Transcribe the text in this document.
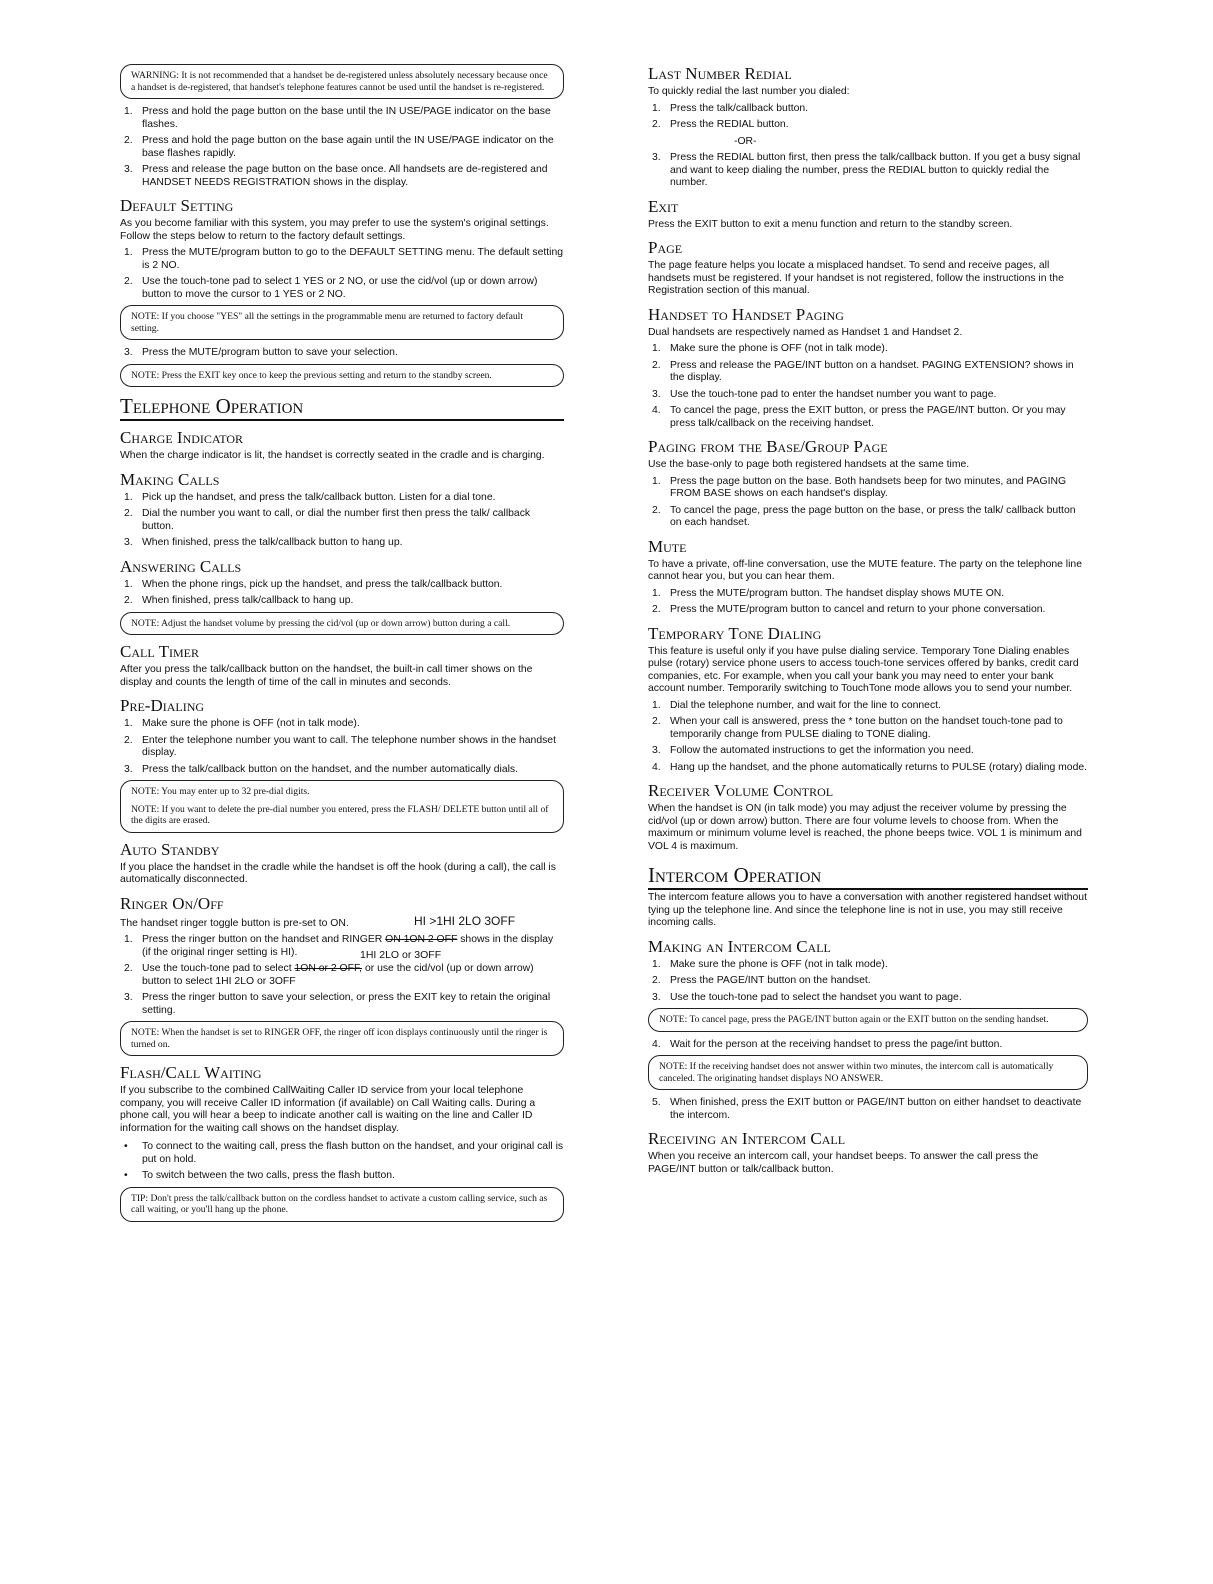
WARNING: It is not recommended that a handset be de-registered unless absolutely necessary because once a handset is de-registered, that handset's telephone features cannot be used until the handset is re-registered.

1. Press and hold the page button on the base until the IN USE/PAGE indicator on the base flashes.
2. Press and hold the page button on the base again until the IN USE/PAGE indicator on the base flashes rapidly.
3. Press and release the page button on the base once. All handsets are de-registered and HANDSET NEEDS REGISTRATION shows in the display.
Default Setting

As you become familiar with this system, you may prefer to use the system's original settings. Follow the steps below to return to the factory default settings.

1. Press the MUTE/program button to go to the DEFAULT SETTING menu. The default setting is 2 NO.
2. Use the touch-tone pad to select 1 YES or 2 NO, or use the cid/vol (up or down arrow) button to move the cursor to 1 YES or 2 NO.

NOTE: If you choose "YES" all the settings in the programmable menu are returned to factory default setting.

3. Press the MUTE/program button to save your selection.

NOTE: Press the EXIT key once to keep the previous setting and return to the standby screen.

Telephone Operation
Charge Indicator

When the charge indicator is lit, the handset is correctly seated in the cradle and is charging.

Making Calls
1. Pick up the handset, and press the talk/callback button. Listen for a dial tone.
2. Dial the number you want to call, or dial the number first then press the talk/ callback button.
3. When finished, press the talk/callback button to hang up.
Answering Calls
1. When the phone rings, pick up the handset, and press the talk/callback button.
2. When finished, press talk/callback to hang up.

NOTE: Adjust the handset volume by pressing the cid/vol (up or down arrow) button during a call.

Call Timer

After you press the talk/callback button on the handset, the built-in call timer shows on the display and counts the length of time of the call in minutes and seconds.

Pre-Dialing
1. Make sure the phone is OFF (not in talk mode).
2. Enter the telephone number you want to call. The telephone number shows in the handset display.
3. Press the talk/callback button on the handset, and the number automatically dials.

NOTE: You may enter up to 32 pre-dial digits.

NOTE: If you want to delete the pre-dial number you entered, press the FLASH/ DELETE button until all of the digits are erased.

Auto Standby

If you place the handset in the cradle while the handset is off the hook (during a call), the call is automatically disconnected.

Ringer On/Off

The handset ringer toggle button is pre-set to ON.	HI >1HI 2LO 3OFF
1. Press the ringer button on the handset and RINGER ON 1ON 2 OFF shows in the display (if the original ringer setting is HI).
2. Use the touch-tone pad to select 1ON or 2 OFF, or use the cid/vol (up or down arrow) button to select 1HI 2LO or 3OFF
1HI 2LO or 3OFF
3. Press the ringer button to save your selection, or press the EXIT key to retain the original setting.

NOTE: When the handset is set to RINGER OFF, the ringer off icon displays continuously until the ringer is turned on.

Flash/Call Waiting

If you subscribe to the combined CallWaiting Caller ID service from your local telephone company, you will receive Caller ID information (if available) on Call Waiting calls. During a phone call, you will hear a beep to indicate another call is waiting on the line and Caller ID information for the waiting call shows on the handset display.

• To connect to the waiting call, press the flash button on the handset, and your original call is put on hold.
• To switch between the two calls, press the flash button.

TIP: Don't press the talk/callback button on the cordless handset to activate a custom calling service, such as call waiting, or you'll hang up the phone.

Last Number Redial

To quickly redial the last number you dialed:

1. Press the talk/callback button.
2. Press the REDIAL button.

-OR-

3. Press the REDIAL button first, then press the talk/callback button. If you get a busy signal and want to keep dialing the number, press the REDIAL button to quickly redial the number.
Exit

Press the EXIT button to exit a menu function and return to the standby screen.

Page

The page feature helps you locate a misplaced handset. To send and receive pages, all handsets must be registered. If your handset is not registered, follow the instructions in the Registration section of this manual.

Handset to Handset Paging

Dual handsets are respectively named as Handset 1 and Handset 2.

1. Make sure the phone is OFF (not in talk mode).
2. Press and release the PAGE/INT button on a handset. PAGING EXTENSION? shows in the display.
3. Use the touch-tone pad to enter the handset number you want to page.
4. To cancel the page, press the EXIT button, or press the PAGE/INT button. Or you may press talk/callback on the receiving handset.
Paging from the Base/Group Page

Use the base-only to page both registered handsets at the same time.

1. Press the page button on the base. Both handsets beep for two minutes, and PAGING FROM BASE shows on each handset's display.
2. To cancel the page, press the page button on the base, or press the talk/ callback button on each handset.
Mute

To have a private, off-line conversation, use the MUTE feature. The party on the telephone line cannot hear you, but you can hear them.

1. Press the MUTE/program button. The handset display shows MUTE ON.
2. Press the MUTE/program button to cancel and return to your phone conversation.
Temporary Tone Dialing

This feature is useful only if you have pulse dialing service. Temporary Tone Dialing enables pulse (rotary) service phone users to access touch-tone services offered by banks, credit card companies, etc. For example, when you call your bank you may need to enter your bank account number. Temporarily switching to TouchTone mode allows you to send your number.

1. Dial the telephone number, and wait for the line to connect.
2. When your call is answered, press the * tone button on the handset touch-tone pad to temporarily change from PULSE dialing to TONE dialing.
3. Follow the automated instructions to get the information you need.
4. Hang up the handset, and the phone automatically returns to PULSE (rotary) dialing mode.
Receiver Volume Control

When the handset is ON (in talk mode) you may adjust the receiver volume by pressing the cid/vol (up or down arrow) button. There are four volume levels to choose from. When the maximum or minimum volume level is reached, the phone beeps twice. VOL 1 is minimum and VOL 4 is maximum.

Intercom Operation

The intercom feature allows you to have a conversation with another registered handset without tying up the telephone line. And since the telephone line is not in use, you may still receive incoming calls.

Making an Intercom Call
1. Make sure the phone is OFF (not in talk mode).
2. Press the PAGE/INT button on the handset.
3. Use the touch-tone pad to select the handset you want to page.

NOTE: To cancel page, press the PAGE/INT button again or the EXIT button on the sending handset.

4. Wait for the person at the receiving handset to press the page/int button.

NOTE: If the receiving handset does not answer within two minutes, the intercom call is automatically canceled. The originating handset displays NO ANSWER.

5. When finished, press the EXIT button or PAGE/INT button on either handset to deactivate the intercom.
Receiving an Intercom Call

When you receive an intercom call, your handset beeps. To answer the call press the PAGE/INT button or talk/callback button.
